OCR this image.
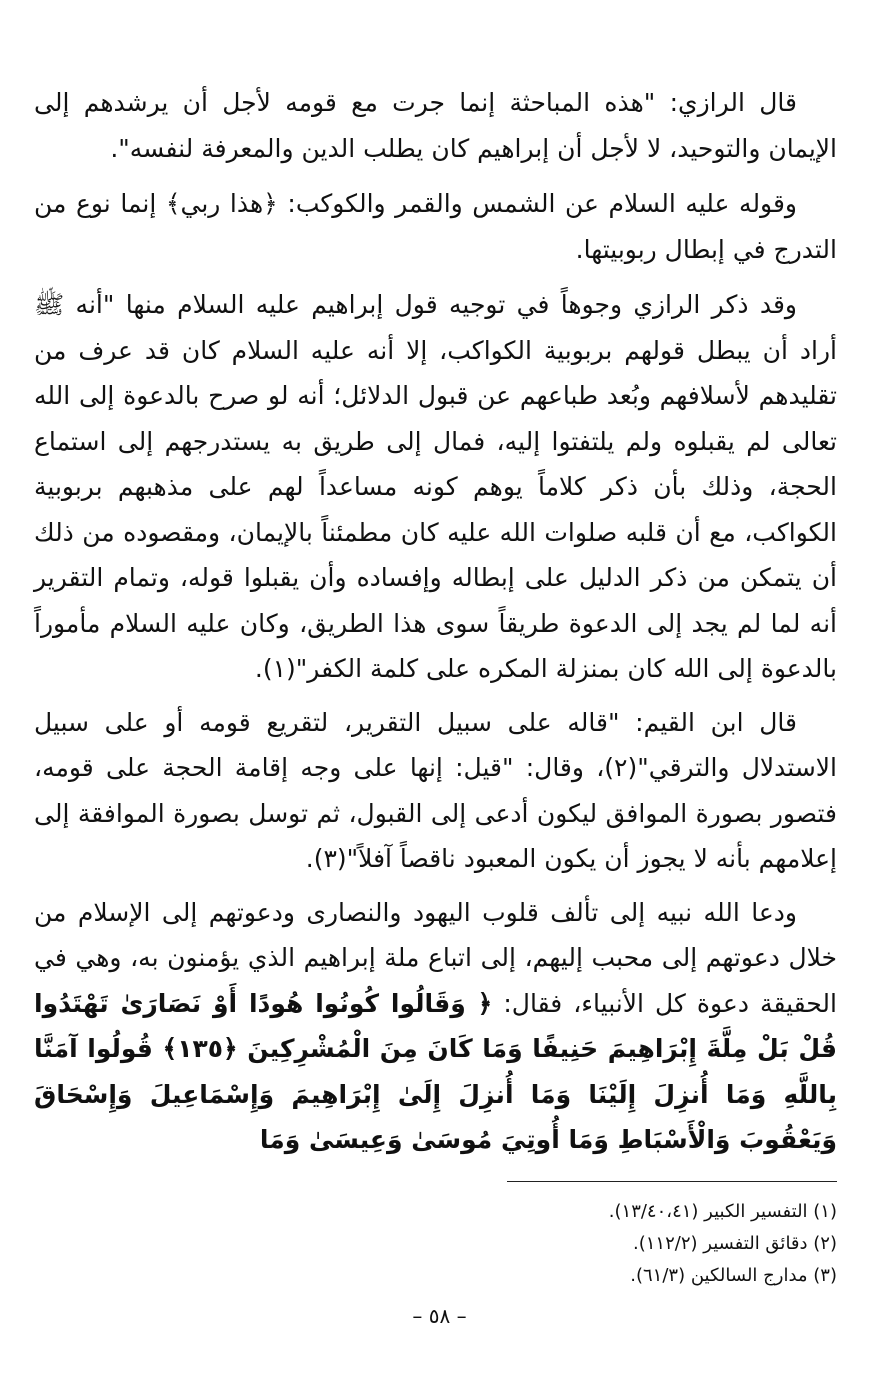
قال الرازي: "هذه المباحثة إنما جرت مع قومه لأجل أن يرشدهم إلى الإيمان والتوحيد، لا لأجل أن إبراهيم كان يطلب الدين والمعرفة لنفسه".

وقوله عليه السلام عن الشمس والقمر والكوكب: ﴿هذا ربي﴾ إنما نوع من التدرج في إبطال ربوبيتها.

وقد ذكر الرازي وجوهاً في توجيه قول إبراهيم عليه السلام منها "أنه ﷺ أراد أن يبطل قولهم بربوبية الكواكب، إلا أنه عليه السلام كان قد عرف من تقليدهم لأسلافهم وبُعد طباعهم عن قبول الدلائل؛ أنه لو صرح بالدعوة إلى الله تعالى لم يقبلوه ولم يلتفتوا إليه، فمال إلى طريق به يستدرجهم إلى استماع الحجة، وذلك بأن ذكر كلاماً يوهم كونه مساعداً لهم على مذهبهم بربوبية الكواكب، مع أن قلبه صلوات الله عليه كان مطمئناً بالإيمان، ومقصوده من ذلك أن يتمكن من ذكر الدليل على إبطاله وإفساده وأن يقبلوا قوله، وتمام التقرير أنه لما لم يجد إلى الدعوة طريقاً سوى هذا الطريق، وكان عليه السلام مأموراً بالدعوة إلى الله كان بمنزلة المكره على كلمة الكفر"(١).

قال ابن القيم: "قاله على سبيل التقرير، لتقريع قومه أو على سبيل الاستدلال والترقي"(٢)، وقال: "قيل: إنها على وجه إقامة الحجة على قومه، فتصور بصورة الموافق ليكون أدعى إلى القبول، ثم توسل بصورة الموافقة إلى إعلامهم بأنه لا يجوز أن يكون المعبود ناقصاً آفلاً"(٣).

ودعا الله نبيه إلى تألف قلوب اليهود والنصارى ودعوتهم إلى الإسلام من خلال دعوتهم إلى محبب إليهم، إلى اتباع ملة إبراهيم الذي يؤمنون به، وهي في الحقيقة دعوة كل الأنبياء، فقال: ﴿ وَقَالُوا كُونُوا هُودًا أَوْ نَصَارَىٰ تَهْتَدُوا قُلْ بَلْ مِلَّةَ إِبْرَاهِيمَ حَنِيفًا وَمَا كَانَ مِنَ الْمُشْرِكِينَ ﴿١٣٥﴾ قُولُوا آمَنَّا بِاللَّهِ وَمَا أُنزِلَ إِلَيْنَا وَمَا أُنزِلَ إِلَىٰ إِبْرَاهِيمَ وَإِسْمَاعِيلَ وَإِسْحَاقَ وَيَعْقُوبَ وَالْأَسْبَاطِ وَمَا أُوتِيَ مُوسَىٰ وَعِيسَىٰ وَمَا

(١) التفسير الكبير (١٣/٤٠،٤١).
(٢) دقائق التفسير (١١٢/٢).
(٣) مدارج السالكين (٦١/٣).
– ٥٨ –
